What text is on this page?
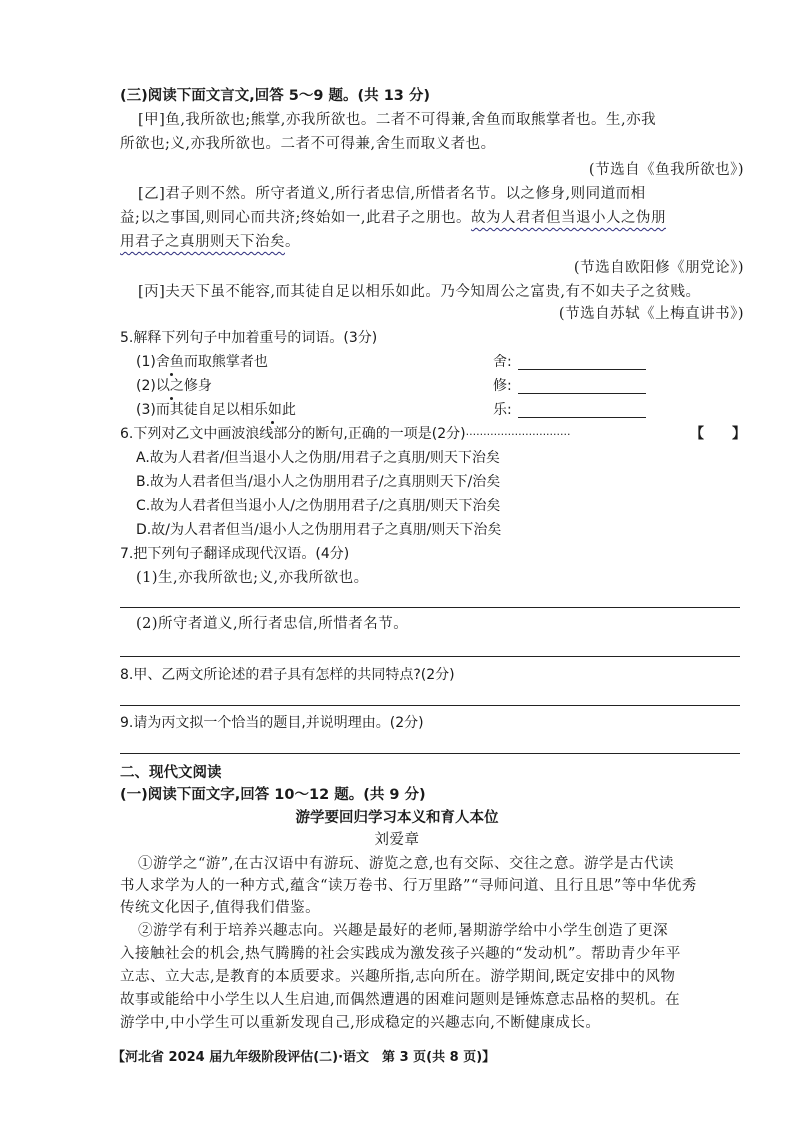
(三)阅读下面文言文,回答 5～9 题。(共 13 分)
[甲]鱼,我所欲也;熊掌,亦我所欲也。二者不可得兼,舍鱼而取熊掌者也。生,亦我
所欲也;义,亦我所欲也。二者不可得兼,舍生而取义者也。
(节选自《鱼我所欲也》)
[乙]君子则不然。所守者道义,所行者忠信,所惜者名节。以之修身,则同道而相
益;以之事国,则同心而共济;终始如一,此君子之朋也。故为人君者但当退小人之伪朋
用君子之真朋则天下治矣。
(节选自欧阳修《朋党论》)
[丙]夫天下虽不能容,而其徒自足以相乐如此。乃今知周公之富贵,有不如夫子之贫贱。
(节选自苏轼《上梅直讲书》)
5.解释下列句子中加着重号的词语。(3分)
(1)舍鱼而取熊掌者也	舍:
(2)以之修身	修:
(3)而其徒自足以相乐如此	乐:
6.下列对乙文中画波浪线部分的断句,正确的一项是(2分)······························	【　　】
A.故为人君者/但当退小人之伪朋/用君子之真朋/则天下治矣
B.故为人君者但当/退小人之伪朋用君子/之真朋则天下/治矣
C.故为人君者但当退小人/之伪朋用君子/之真朋/则天下治矣
D.故/为人君者但当/退小人之伪朋用君子之真朋/则天下治矣
7.把下列句子翻译成现代汉语。(4分)
(1)生,亦我所欲也;义,亦我所欲也。
(2)所守者道义,所行者忠信,所惜者名节。
8.甲、乙两文所论述的君子具有怎样的共同特点?(2分)
9.请为丙文拟一个恰当的题目,并说明理由。(2分)
二、现代文阅读
(一)阅读下面文字,回答 10～12 题。(共 9 分)
游学要回归学习本义和育人本位
刘爱章
①游学之“游”,在古汉语中有游玩、游览之意,也有交际、交往之意。游学是古代读
书人求学为人的一种方式,蕴含“读万卷书、行万里路”“寻师问道、且行且思”等中华优秀
传统文化因子,值得我们借鉴。
②游学有利于培养兴趣志向。兴趣是最好的老师,暑期游学给中小学生创造了更深
入接触社会的机会,热气腾腾的社会实践成为激发孩子兴趣的“发动机”。帮助青少年平
立志、立大志,是教育的本质要求。兴趣所指,志向所在。游学期间,既定安排中的风物
故事或能给中小学生以人生启迪,而偶然遭遇的困难问题则是锤炼意志品格的契机。在
游学中,中小学生可以重新发现自己,形成稳定的兴趣志向,不断健康成长。
【河北省 2024 届九年级阶段评估(二)·语文　第 3 页(共 8 页)】
